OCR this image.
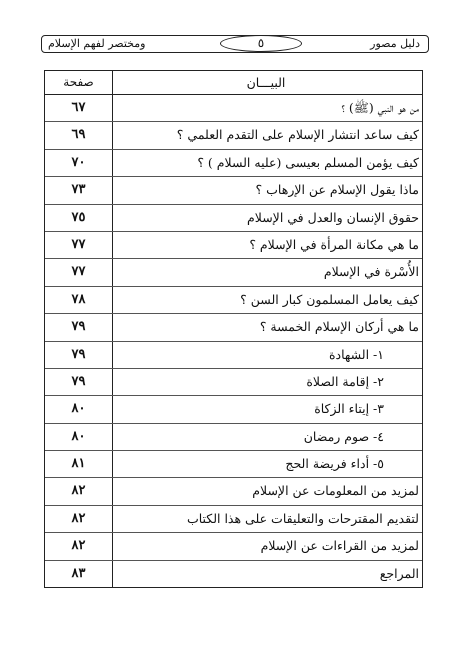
دليل مصور
٥
ومختصر لفهم الإسلام
البيـــان
صفحة
من هو النبي (ﷺ) ؟
٦٧
كيف ساعد انتشار الإسلام على التقدم العلمي ؟
٦٩
كيف يؤمن المسلم بعيسى (عليه السلام ) ؟
٧٠
ماذا يقول الإسلام عن الإرهاب ؟
٧٣
حقوق الإنسان والعدل في الإسلام
٧٥
ما هي مكانة المرأة في الإسلام ؟
٧٧
الأُسْرة في الإسلام
٧٧
كيف يعامل المسلمون كبار السن ؟
٧٨
ما هي أركان الإسلام الخمسة ؟
٧٩
١- الشهادة
٧٩
٢- إقامة الصلاة
٧٩
٣- إيتاء الزكاة
٨٠
٤- صوم رمضان
٨٠
٥- أداء فريضة الحج
٨١
لمزيد من المعلومات عن الإسلام
٨٢
لتقديم المقترحات والتعليقات على هذا الكتاب
٨٢
لمزيد من القراءات عن الإسلام
٨٢
المراجع
٨٣
